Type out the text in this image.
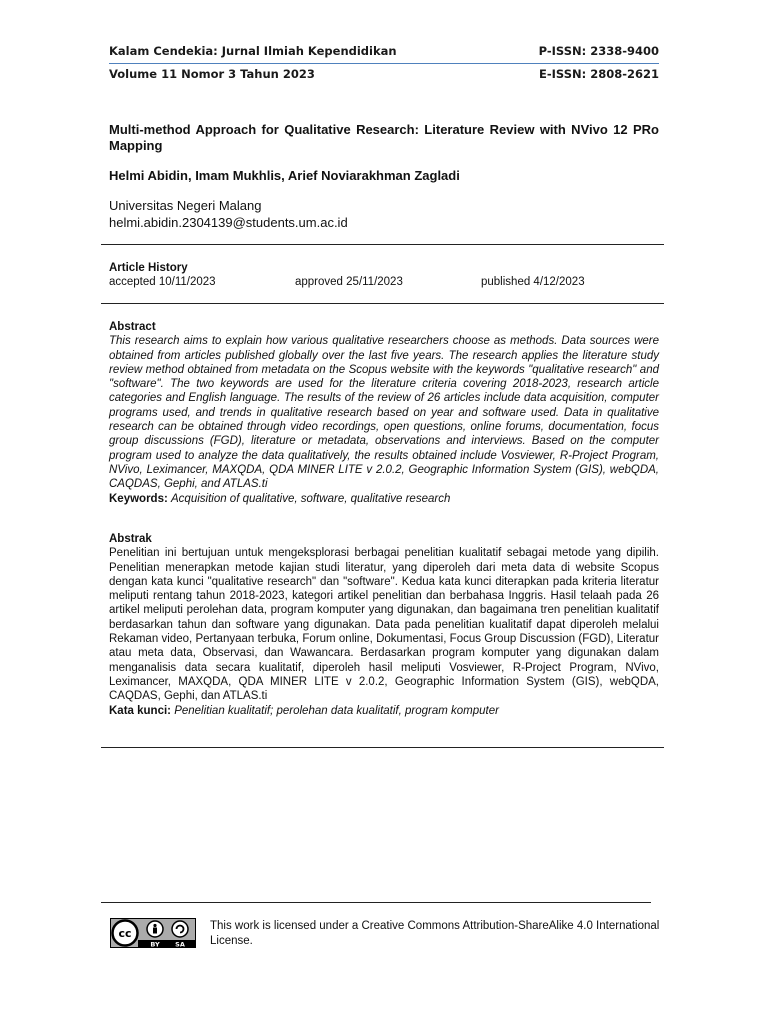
Kalam Cendekia: Jurnal Ilmiah Kependidikan	P-ISSN: 2338-9400
Volume 11 Nomor 3 Tahun 2023	E-ISSN: 2808-2621
Multi-method Approach for Qualitative Research: Literature Review with NVivo 12 PRo Mapping

Helmi Abidin, Imam Mukhlis, Arief Noviarakhman Zagladi

Universitas Negeri Malang
helmi.abidin.2304139@students.um.ac.id
Article History
accepted 10/11/2023	approved 25/11/2023	published 4/12/2023

Abstract

This research aims to explain how various qualitative researchers choose as methods. Data sources were obtained from articles published globally over the last five years. The research applies the literature study review method obtained from metadata on the Scopus website with the keywords "qualitative research" and "software". The two keywords are used for the literature criteria covering 2018-2023, research article categories and English language. The results of the review of 26 articles include data acquisition, computer programs used, and trends in qualitative research based on year and software used. Data in qualitative research can be obtained through video recordings, open questions, online forums, documentation, focus group discussions (FGD), literature or metadata, observations and interviews. Based on the computer program used to analyze the data qualitatively, the results obtained include Vosviewer, R-Project Program, NVivo, Leximancer, MAXQDA, QDA MINER LITE v 2.0.2, Geographic Information System (GIS), webQDA, CAQDAS, Gephi, and ATLAS.ti

Keywords: Acquisition of qualitative, software, qualitative research

Abstrak

Penelitian ini bertujuan untuk mengeksplorasi berbagai penelitian kualitatif sebagai metode yang dipilih. Penelitian menerapkan metode kajian studi literatur, yang diperoleh dari meta data di website Scopus dengan kata kunci "qualitative research" dan "software". Kedua kata kunci diterapkan pada kriteria literatur meliputi rentang tahun 2018-2023, kategori artikel penelitian dan berbahasa Inggris. Hasil telaah pada 26 artikel meliputi perolehan data, program komputer yang digunakan, dan bagaimana tren penelitian kualitatif berdasarkan tahun dan software yang digunakan. Data pada penelitian kualitatif dapat diperoleh melalui Rekaman video, Pertanyaan terbuka, Forum online, Dokumentasi, Focus Group Discussion (FGD), Literatur atau meta data, Observasi, dan Wawancara. Berdasarkan program komputer yang digunakan dalam menganalisis data secara kualitatif, diperoleh hasil meliputi Vosviewer, R-Project Program, NVivo, Leximancer, MAXQDA, QDA MINER LITE v 2.0.2, Geographic Information System (GIS), webQDA, CAQDAS, Gephi, dan ATLAS.ti

Kata kunci: Penelitian kualitatif; perolehan data kualitatif, program komputer

cc
BY SA
This work is licensed under a Creative Commons Attribution-ShareAlike 4.0 International License.
